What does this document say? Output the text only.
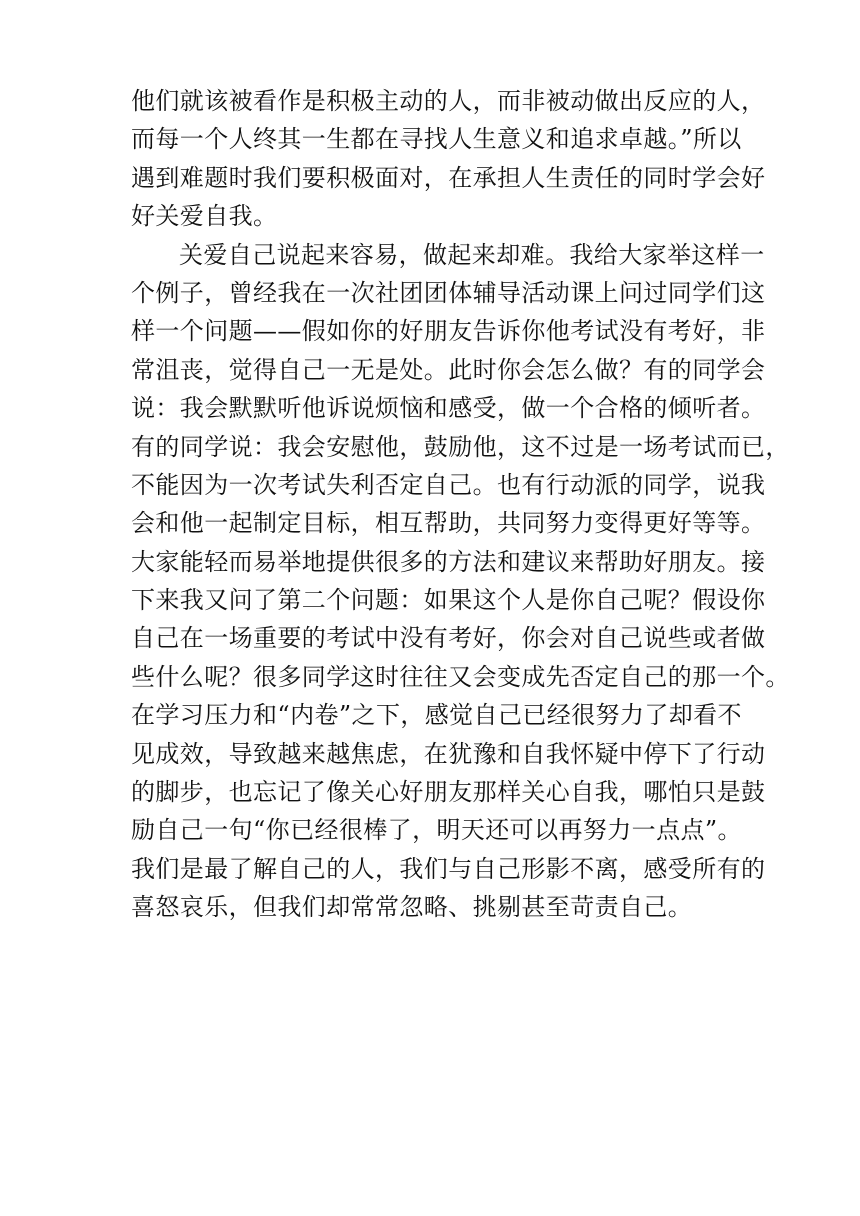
他们就该被看作是积极主动的人，而非被动做出反应的人，
而每一个人终其一生都在寻找人生意义和追求卓越。”所以
遇到难题时我们要积极面对，在承担人生责任的同时学会好
好关爱自我。
关爱自己说起来容易，做起来却难。我给大家举这样一
个例子，曾经我在一次社团团体辅导活动课上问过同学们这
样一个问题——假如你的好朋友告诉你他考试没有考好，非
常沮丧，觉得自己一无是处。此时你会怎么做？有的同学会
说：我会默默听他诉说烦恼和感受，做一个合格的倾听者。
有的同学说：我会安慰他，鼓励他，这不过是一场考试而已，
不能因为一次考试失利否定自己。也有行动派的同学，说我
会和他一起制定目标，相互帮助，共同努力变得更好等等。
大家能轻而易举地提供很多的方法和建议来帮助好朋友。接
下来我又问了第二个问题：如果这个人是你自己呢？假设你
自己在一场重要的考试中没有考好，你会对自己说些或者做
些什么呢？很多同学这时往往又会变成先否定自己的那一个。
在学习压力和“内卷”之下，感觉自己已经很努力了却看不
见成效，导致越来越焦虑，在犹豫和自我怀疑中停下了行动
的脚步，也忘记了像关心好朋友那样关心自我，哪怕只是鼓
励自己一句“你已经很棒了，明天还可以再努力一点点”。
我们是最了解自己的人，我们与自己形影不离，感受所有的
喜怒哀乐，但我们却常常忽略、挑剔甚至苛责自己。
